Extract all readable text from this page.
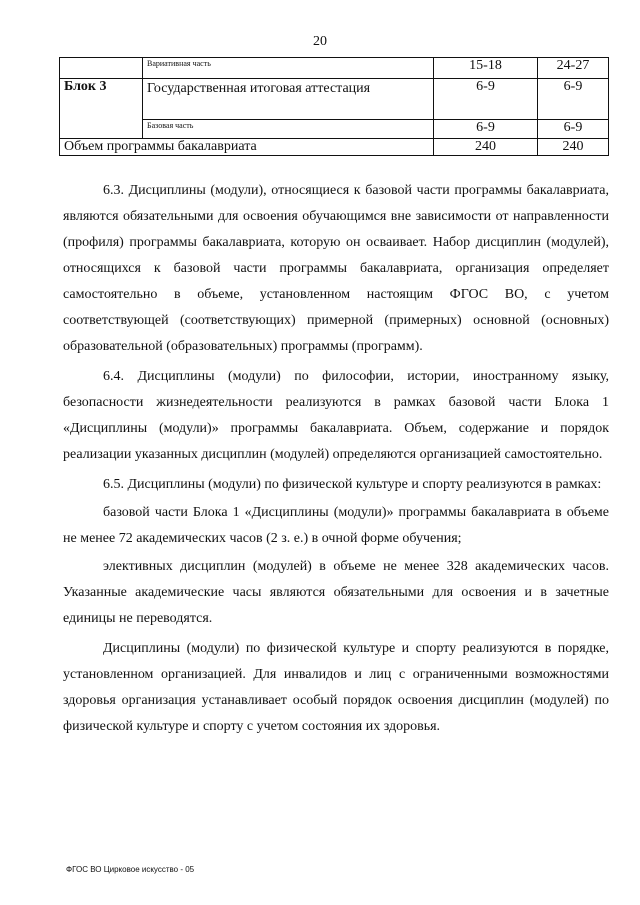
20
	Вариативная часть	15-18	24-27
Блок 3	Государственная итоговая аттестация	6-9	6-9
	Базовая часть	6-9	6-9
Объем программы бакалавриата		240	240

6.3. Дисциплины (модули), относящиеся к базовой части программы бакалавриата, являются обязательными для освоения обучающимся вне зависимости от направленности (профиля) программы бакалавриата, которую он осваивает. Набор дисциплин (модулей), относящихся к базовой части программы бакалавриата, организация определяет самостоятельно в объеме, установленном настоящим ФГОС ВО, с учетом соответствующей (соответствующих) примерной (примерных) основной (основных) образовательной (образовательных) программы (программ).

6.4. Дисциплины (модули) по философии, истории, иностранному языку, безопасности жизнедеятельности реализуются в рамках базовой части Блока 1 «Дисциплины (модули)» программы бакалавриата. Объем, содержание и порядок реализации указанных дисциплин (модулей) определяются организацией самостоятельно.

6.5. Дисциплины (модули) по физической культуре и спорту реализуются в рамках:

базовой части Блока 1 «Дисциплины (модули)» программы бакалавриата в объеме не менее 72 академических часов (2 з. е.) в очной форме обучения;

элективных дисциплин (модулей) в объеме не менее 328 академических часов. Указанные академические часы являются обязательными для освоения и в зачетные единицы не переводятся.

Дисциплины (модули) по физической культуре и спорту реализуются в порядке, установленном организацией. Для инвалидов и лиц с ограниченными возможностями здоровья организация устанавливает особый порядок освоения дисциплин (модулей) по физической культуре и спорту с учетом состояния их здоровья.

ФГОС ВО Цирковое искусство - 05
